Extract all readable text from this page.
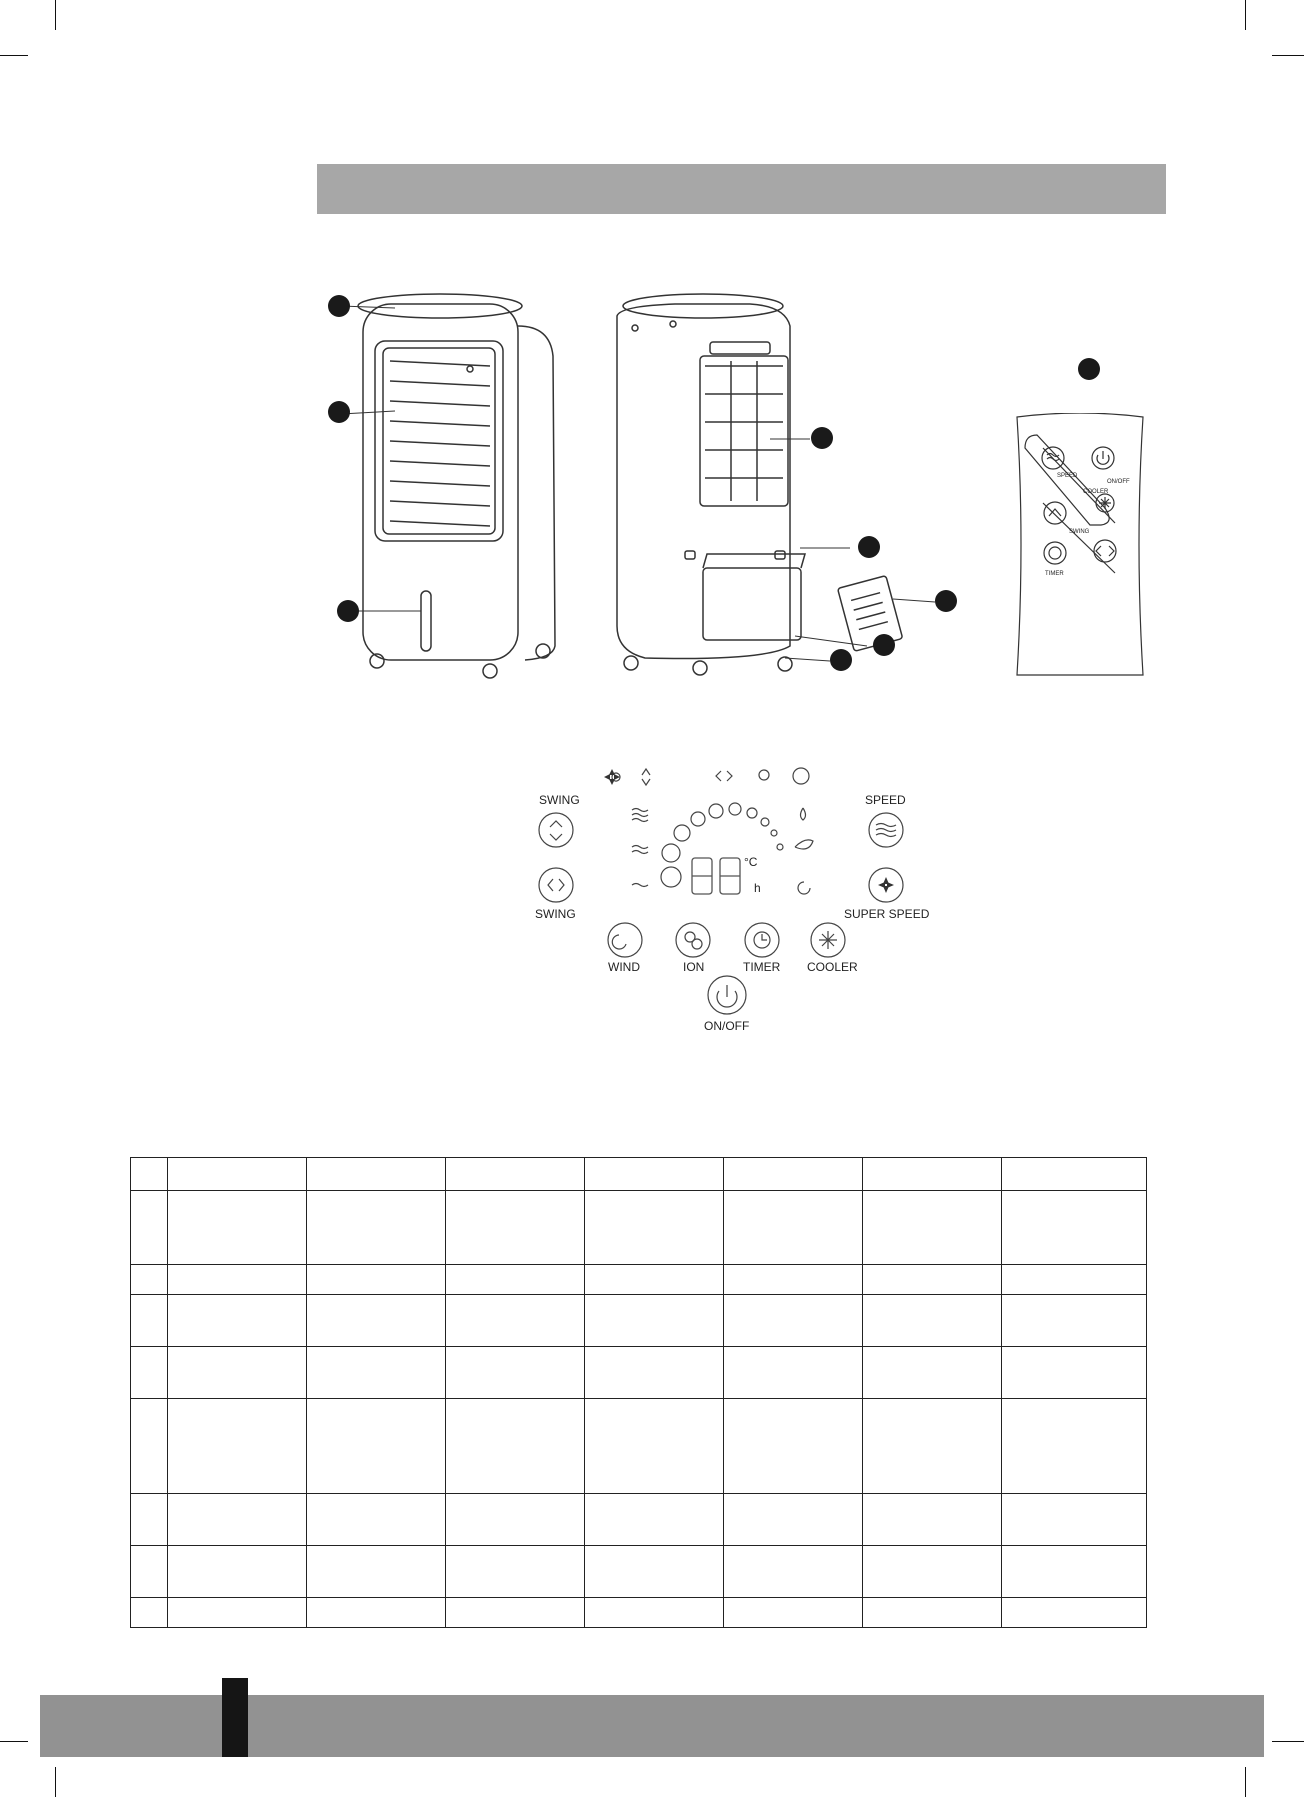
SPEED
ON/OFF
COOLER
SWING
TIMER
°C
h
SWING
SWING
SPEED
SUPER SPEED
WIND	ION	TIMER COOLER
ON/OFF
